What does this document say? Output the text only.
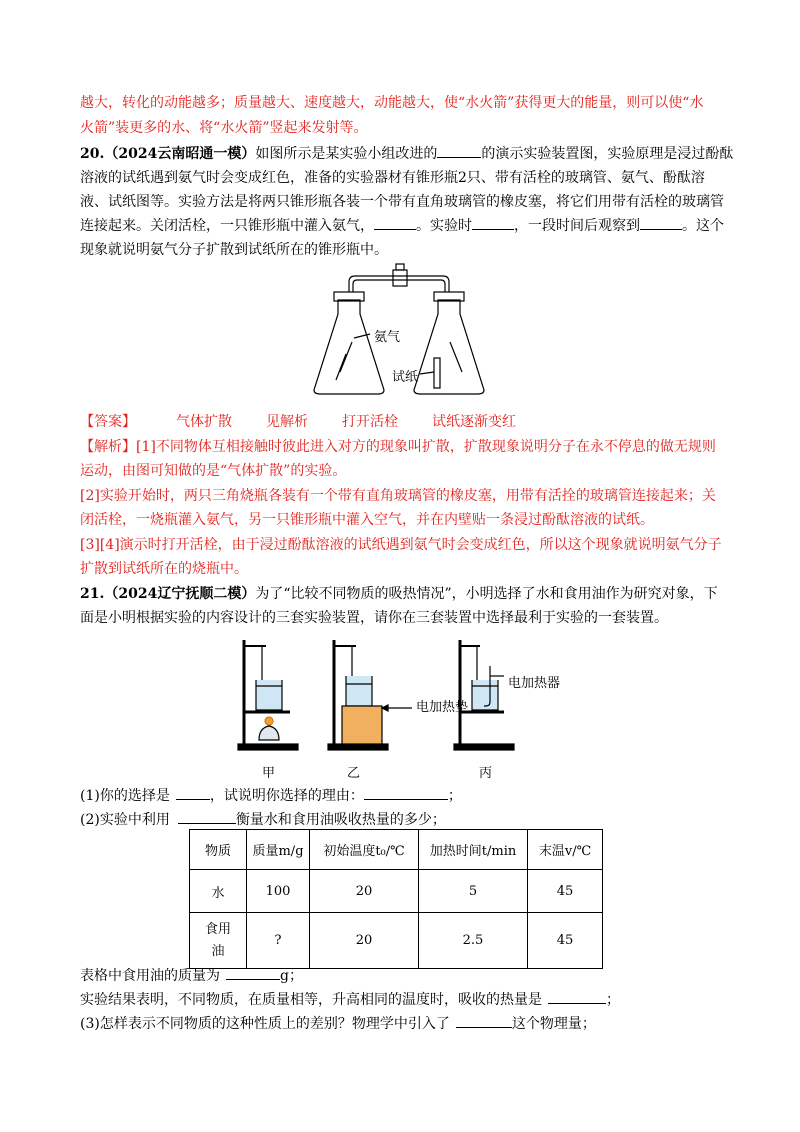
越大，转化的动能越多；质量越大、速度越大，动能越大，使“水火箭”获得更大的能量，则可以使“水
火箭”装更多的水、将“水火箭”竖起来发射等。
20.（2024云南昭通一模）如图所示是某实验小组改进的	的演示实验装置图，实验原理是浸过酚酞
溶液的试纸遇到氨气时会变成红色，准备的实验器材有锥形瓶2只、带有活栓的玻璃管、氨气、酚酞溶
液、试纸图等。实验方法是将两只锥形瓶各装一个带有直角玻璃管的橡皮塞，将它们用带有活栓的玻璃管
连接起来。关闭活栓，一只锥形瓶中灌入氨气，	。实验时	，一段时间后观察到	。这个
现象就说明氨气分子扩散到试纸所在的锥形瓶中。
氨气
试纸
【答案】	气体扩散 见解析 打开活栓 试纸逐渐变红
【解析】[1]不同物体互相接触时彼此进入对方的现象叫扩散，扩散现象说明分子在永不停息的做无规则
运动，由图可知做的是“气体扩散”的实验。
[2]实验开始时，两只三角烧瓶各装有一个带有直角玻璃管的橡皮塞，用带有活拴的玻璃管连接起来；关
闭活栓，一烧瓶灌入氨气，另一只锥形瓶中灌入空气，并在内壁贴一条浸过酚酞溶液的试纸。
[3][4]演示时打开活栓，由于浸过酚酞溶液的试纸遇到氨气时会变成红色，所以这个现象就说明氨气分子
扩散到试纸所在的烧瓶中。
21.（2024辽宁抚顺二模）为了“比较不同物质的吸热情况”，小明选择了水和食用油作为研究对象，下
面是小明根据实验的内容设计的三套实验装置，请你在三套装置中选择最利于实验的一套装置。
电加热垫
电加热器
甲	乙	丙
(1)你的选择是	，试说明你选择的理由：	；
(2)实验中利用	衡量水和食用油吸收热量的多少；
物质	质量m/g	初始温度t₀/℃	加热时间t/min	末温v/℃
水	100	20	5	45
食用油	?	20	2.5	45
表格中食用油的质量为	g；
实验结果表明，不同物质，在质量相等，升高相同的温度时，吸收的热量是	；
(3)怎样表示不同物质的这种性质上的差别？物理学中引入了	这个物理量；
